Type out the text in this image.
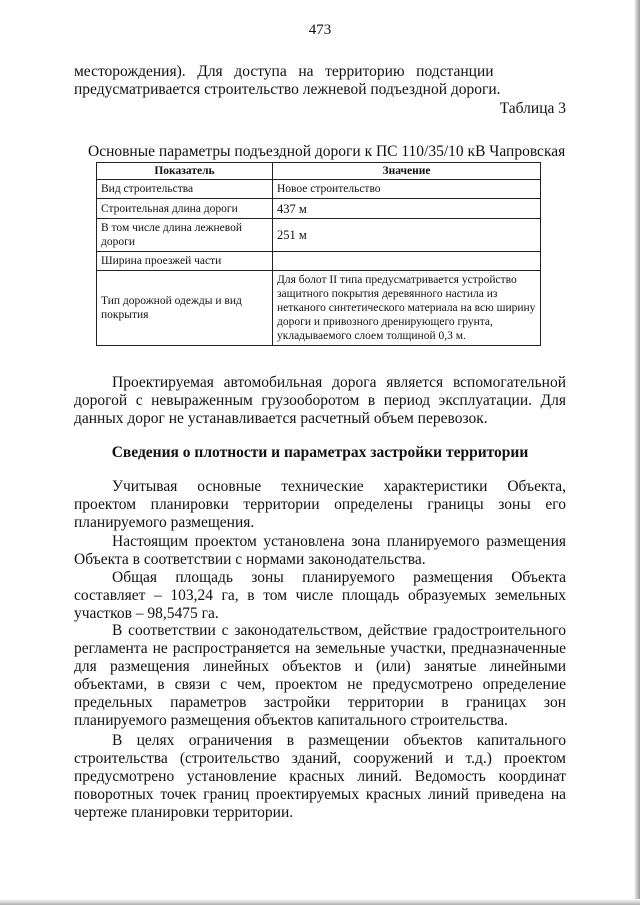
473

месторождения).   Для   доступа   на   территорию   подстанции

предусматривается строительство лежневой подъездной дороги.

Таблица 3
Основные параметры подъездной дороги к ПС 110/35/10 кВ Чапровская
Показатель	Значение
Вид строительства	Новое строительство
Строительная длина дороги	437 м
В том числе длина лежневой дороги	251 м
Ширина проезжей части	
Тип дорожной одежды и вид покрытия	Для болот II типа предусматривается устройство защитного покрытия деревянного настила из нетканого синтетического материала на всю ширину дороги и привозного дренирующего грунта, укладываемого слоем толщиной 0,3 м.

Проектируемая автомобильная дорога является вспомогательной дорогой с невыраженным грузооборотом в период эксплуатации. Для данных дорог не устанавливается расчетный объем перевозок.

Сведения о плотности и параметрах застройки территории

Учитывая основные технические характеристики Объекта, проектом планировки территории определены границы зоны его планируемого размещения.

Настоящим проектом установлена зона планируемого размещения Объекта в соответствии с нормами законодательства.

Общая площадь зоны планируемого размещения Объекта составляет – 103,24 га, в том числе площадь образуемых земельных участков – 98,5475 га.

В соответствии с законодательством, действие градостроительного регламента не распространяется на земельные участки, предназначенные для размещения линейных объектов и (или) занятые линейными объектами, в связи с чем, проектом не предусмотрено определение предельных параметров застройки территории в границах зон планируемого размещения объектов капитального строительства.

В целях ограничения в размещении объектов капитального строительства (строительство зданий, сооружений и т.д.) проектом предусмотрено установление красных линий. Ведомость координат поворотных точек границ проектируемых красных линий приведена на чертеже планировки территории.
